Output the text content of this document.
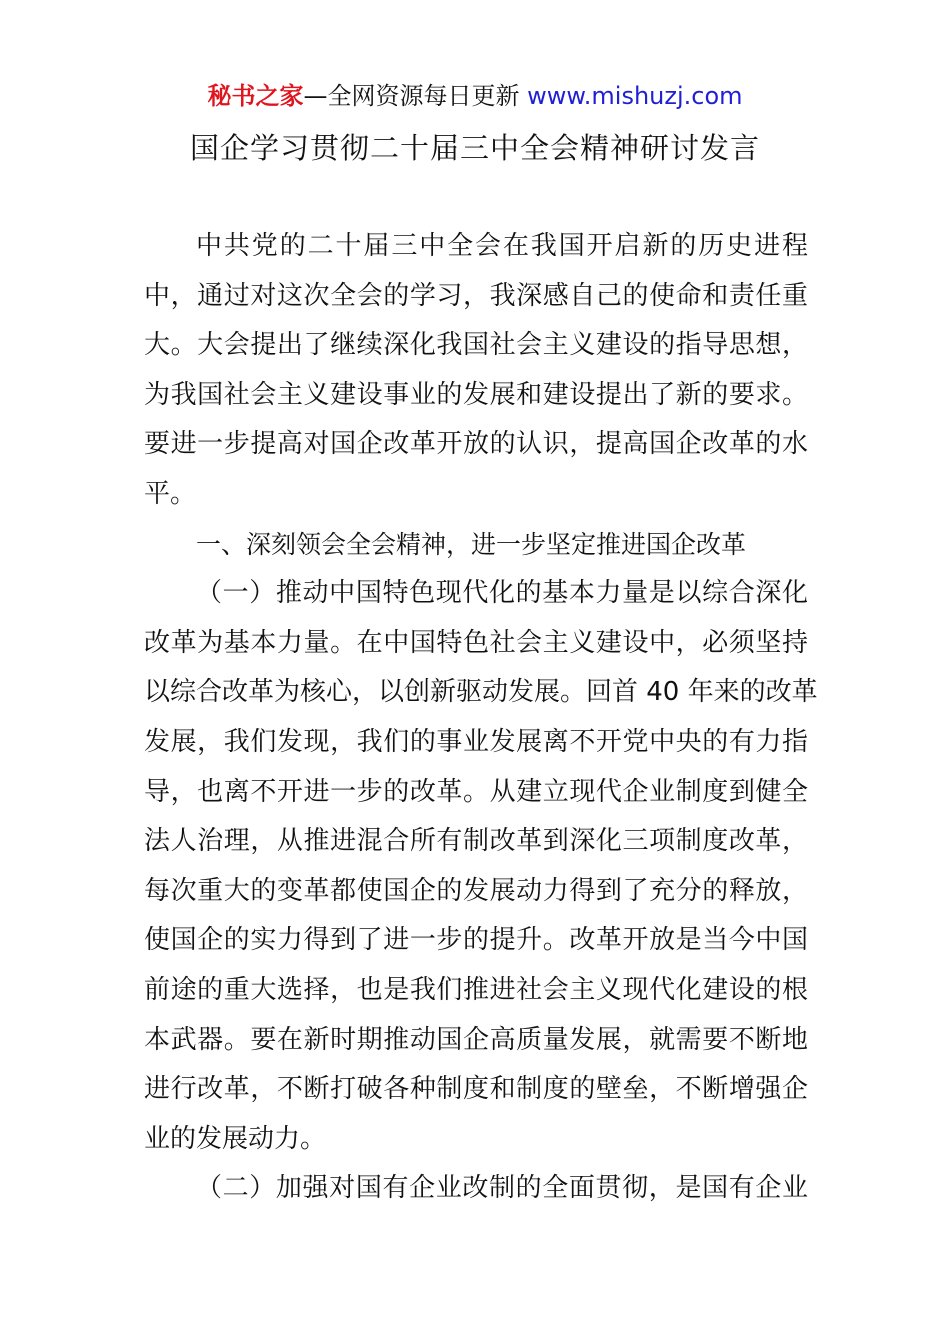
秘书之家—全网资源每日更新 www.mishuzj.com
国企学习贯彻二十届三中全会精神研讨发言
中共党的二十届三中全会在我国开启新的历史进程
中，通过对这次全会的学习，我深感自己的使命和责任重
大。大会提出了继续深化我国社会主义建设的指导思想，
为我国社会主义建设事业的发展和建设提出了新的要求。
要进一步提高对国企改革开放的认识，提高国企改革的水
平。
一、深刻领会全会精神，进一步坚定推进国企改革
（一）推动中国特色现代化的基本力量是以综合深化
改革为基本力量。在中国特色社会主义建设中，必须坚持
以综合改革为核心，以创新驱动发展。回首 40 年来的改革
发展，我们发现，我们的事业发展离不开党中央的有力指
导，也离不开进一步的改革。从建立现代企业制度到健全
法人治理，从推进混合所有制改革到深化三项制度改革，
每次重大的变革都使国企的发展动力得到了充分的释放，
使国企的实力得到了进一步的提升。改革开放是当今中国
前途的重大选择，也是我们推进社会主义现代化建设的根
本武器。要在新时期推动国企高质量发展，就需要不断地
进行改革，不断打破各种制度和制度的壁垒，不断增强企
业的发展动力。
（二）加强对国有企业改制的全面贯彻，是国有企业
